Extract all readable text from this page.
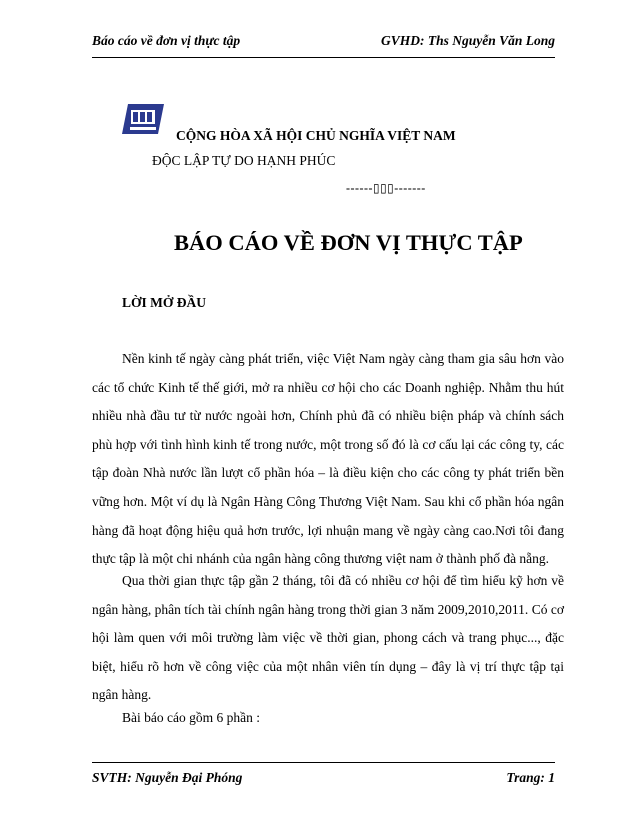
Báo cáo về đơn vị thực tập	GVHD: Ths Nguyễn Văn Long
CỘNG HÒA XÃ HỘI CHỦ NGHĨA VIỆT NAM
ĐỘC LẬP TỰ DO HẠNH PHÚC
------▯▯▯-------
BÁO CÁO VỀ ĐƠN VỊ THỰC TẬP
LỜI MỞ ĐẦU

Nền kinh tế ngày càng phát triển, việc Việt Nam ngày càng tham gia sâu hơn vào các tổ chức Kinh tế thế giới, mở ra nhiều cơ hội cho các Doanh nghiệp. Nhằm thu hút nhiều nhà đầu tư từ nước ngoài hơn, Chính phủ đã có nhiều biện pháp và chính sách phù hợp với tình hình kinh tế trong nước, một trong số đó là cơ cấu lại các công ty, các tập đoàn Nhà nước lần lượt cổ phần hóa – là điều kiện cho các công ty phát triển bền vững hơn. Một ví dụ là Ngân Hàng Công Thương Việt Nam. Sau khi cổ phần hóa ngân hàng đã hoạt động hiệu quả hơn trước, lợi nhuận mang về ngày càng cao.Nơi tôi đang thực tập là một chi nhánh của ngân hàng công thương việt nam ở thành phố đà nẵng.

Qua thời gian thực tập gần 2 tháng, tôi đã có nhiều cơ hội để tìm hiểu kỹ hơn về ngân hàng, phân tích tài chính ngân hàng trong thời gian 3 năm 2009,2010,2011. Có cơ hội làm quen với môi trường làm việc về thời gian, phong cách và trang phục..., đặc biệt, hiểu rõ hơn về công việc của một nhân viên tín dụng – đây là vị trí thực tập tại ngân hàng.

Bài báo cáo gồm 6 phần :

SVTH: Nguyễn Đại Phóng	Trang: 1
